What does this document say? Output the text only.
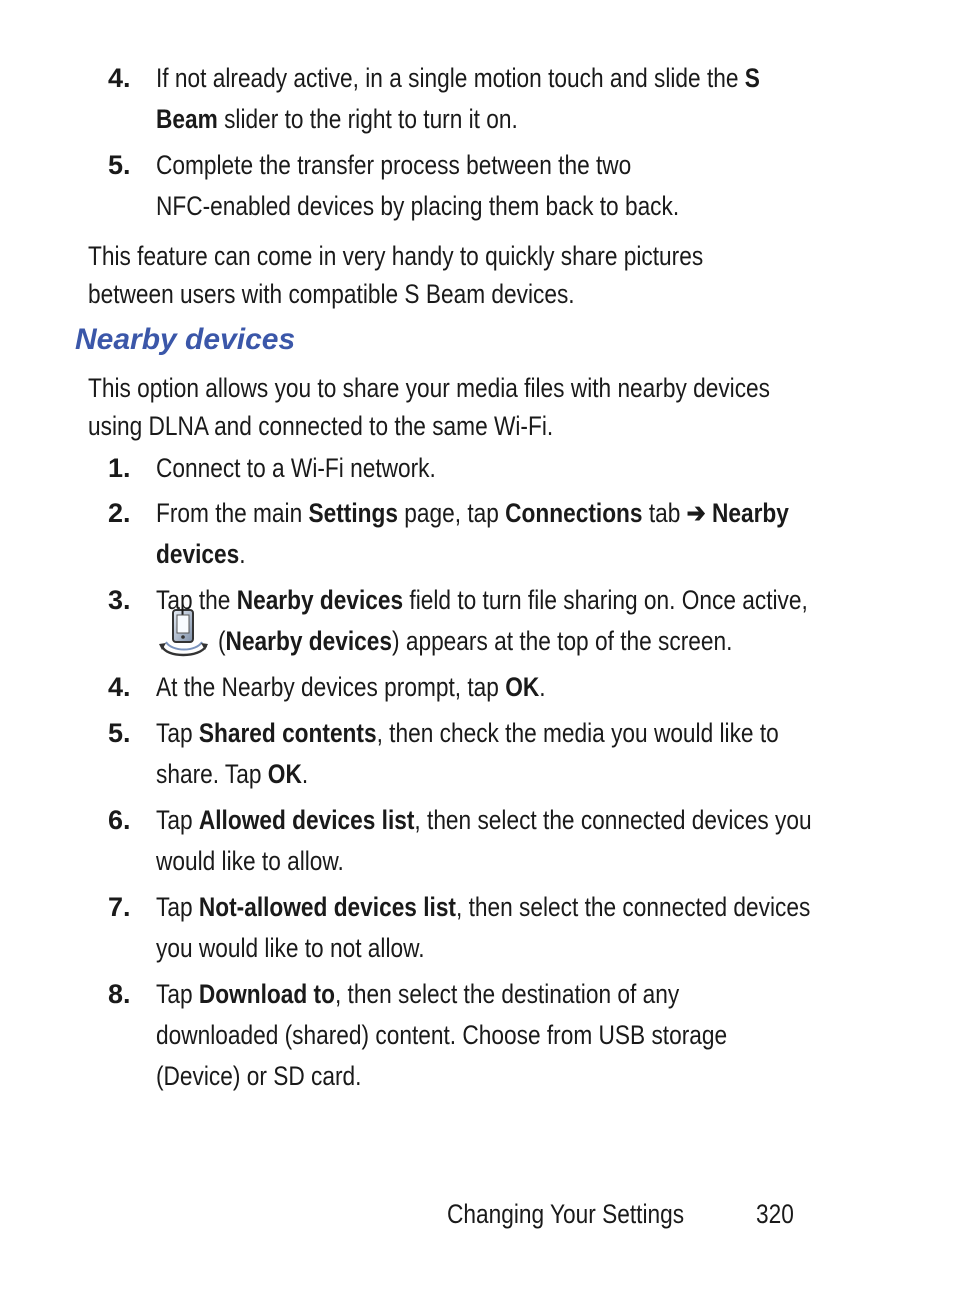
4. If not already active, in a single motion touch and slide the S
Beam slider to the right to turn it on.
5. Complete the transfer process between the two
NFC-enabled devices by placing them back to back.
This feature can come in very handy to quickly share pictures
between users with compatible S Beam devices.
Nearby devices
This option allows you to share your media files with nearby devices
using DLNA and connected to the same Wi-Fi.
1. Connect to a Wi-Fi network.
2. From the main Settings page, tap Connections tab ➔ Nearby
devices.
3. Tap the Nearby devices field to turn file sharing on. Once active,
(Nearby devices) appears at the top of the screen.
4. At the Nearby devices prompt, tap OK.
5. Tap Shared contents, then check the media you would like to
share. Tap OK.
6. Tap Allowed devices list, then select the connected devices you
would like to allow.
7. Tap Not-allowed devices list, then select the connected devices
you would like to not allow.
8. Tap Download to, then select the destination of any
downloaded (shared) content. Choose from USB storage
(Device) or SD card.
Changing Your Settings	320
